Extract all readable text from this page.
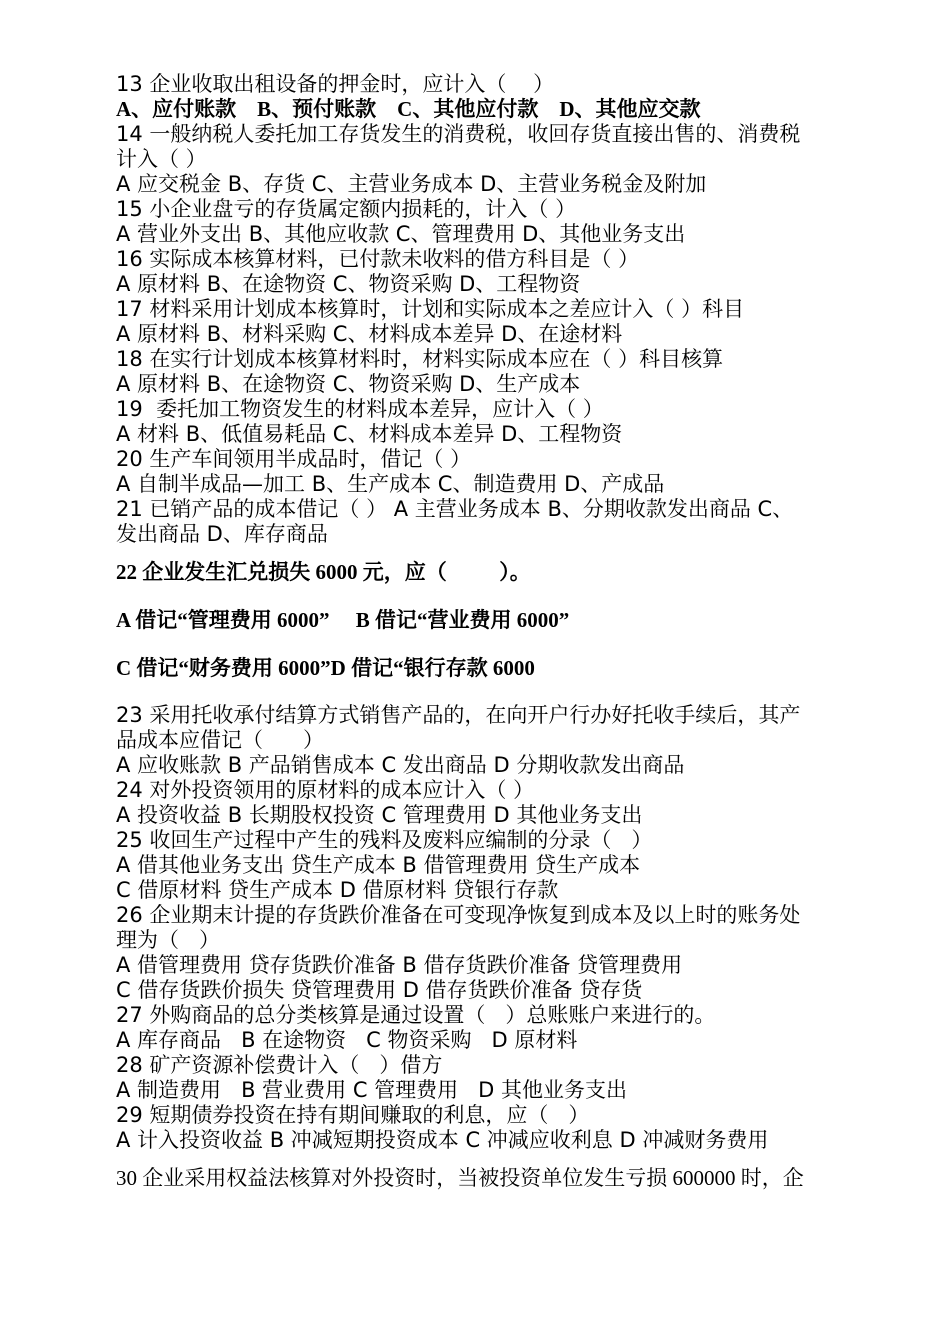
13 企业收取出租设备的押金时，应计入（    ）
A、应付账款    B、预付账款    C、其他应付款    D、其他应交款
14 一般纳税人委托加工存货发生的消费税，收回存货直接出售的、消费税
计入（ ）
A 应交税金 B、存货 C、主营业务成本 D、主营业务税金及附加
15 小企业盘亏的存货属定额内损耗的，计入（ ）
A 营业外支出 B、其他应收款 C、管理费用 D、其他业务支出
16 实际成本核算材料，已付款未收料的借方科目是（ ）
A 原材料 B、在途物资 C、物资采购 D、工程物资
17 材料采用计划成本核算时，计划和实际成本之差应计入（ ）科目
A 原材料 B、材料采购 C、材料成本差异 D、在途材料
18 在实行计划成本核算材料时，材料实际成本应在（ ）科目核算
A 原材料 B、在途物资 C、物资采购 D、生产成本
19  委托加工物资发生的材料成本差异，应计入（ ）
A 材料 B、低值易耗品 C、材料成本差异 D、工程物资
20 生产车间领用半成品时，借记（ ）
A 自制半成品—加工 B、生产成本 C、制造费用 D、产成品
21 已销产品的成本借记（ ） A 主营业务成本 B、分期收款发出商品 C、
发出商品 D、库存商品
22 企业发生汇兑损失 6000 元，应（          ）。
A 借记“管理费用 6000”     B 借记“营业费用 6000”
C 借记“财务费用 6000”D 借记“银行存款 6000
23 采用托收承付结算方式销售产品的，在向开户行办好托收手续后，其产
品成本应借记（      ）
A 应收账款 B 产品销售成本 C 发出商品 D 分期收款发出商品
24 对外投资领用的原材料的成本应计入（ ）
A 投资收益 B 长期股权投资 C 管理费用 D 其他业务支出
25 收回生产过程中产生的残料及废料应编制的分录（   ）
A 借其他业务支出 贷生产成本 B 借管理费用 贷生产成本
C 借原材料 贷生产成本 D 借原材料 贷银行存款
26 企业期末计提的存货跌价准备在可变现净恢复到成本及以上时的账务处
理为（   ）
A 借管理费用 贷存货跌价准备 B 借存货跌价准备 贷管理费用
C 借存货跌价损失 贷管理费用 D 借存货跌价准备 贷存货
27 外购商品的总分类核算是通过设置（   ）总账账户来进行的。
A 库存商品   B 在途物资   C 物资采购   D 原材料
28 矿产资源补偿费计入（   ）借方
A 制造费用   B 营业费用 C 管理费用   D 其他业务支出
29 短期债券投资在持有期间赚取的利息，应（   ）
A 计入投资收益 B 冲减短期投资成本 C 冲减应收利息 D 冲减财务费用
30 企业采用权益法核算对外投资时，当被投资单位发生亏损 600000 时，企
